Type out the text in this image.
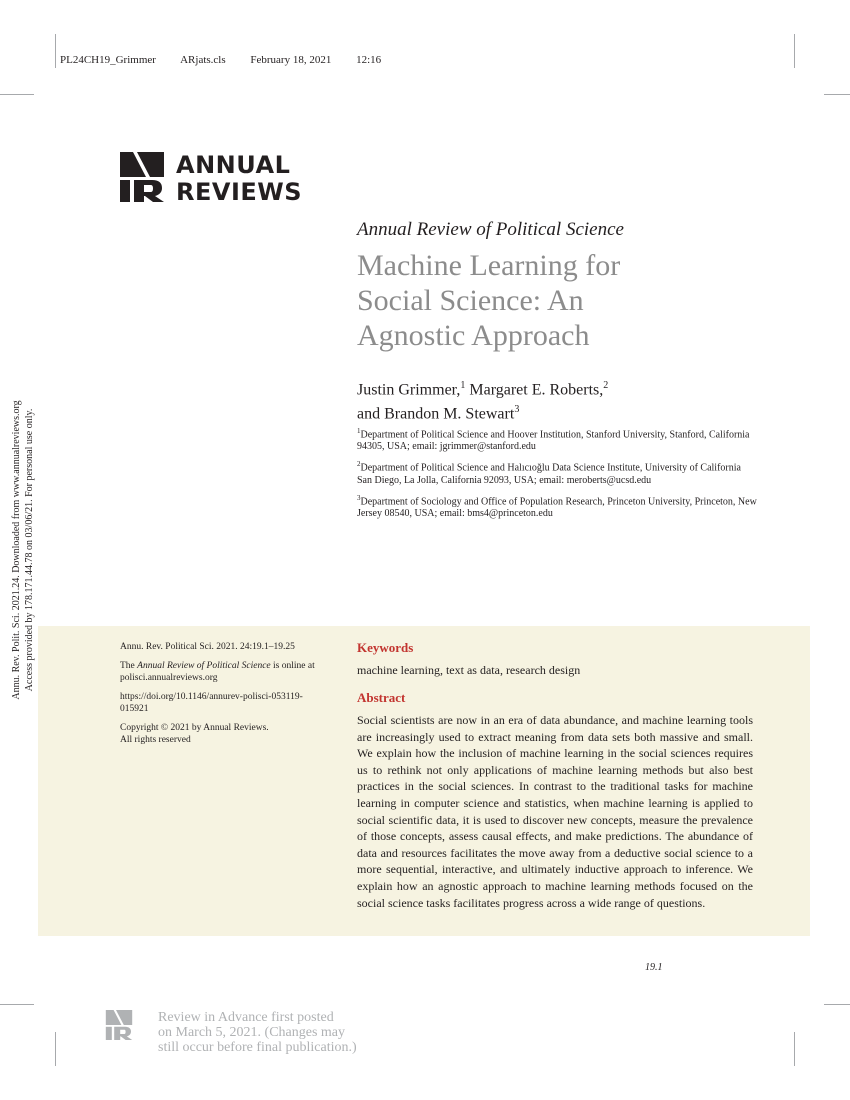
PL24CH19_Grimmer ARjats.cls February 18, 2021 12:16
ANNUAL
REVIEWS
Annual Review of Political Science
Machine Learning for
Social Science: An
Agnostic Approach
Justin Grimmer,$^1$ Margaret E. Roberts,$^2$
and Brandon M. Stewart$^3$

$^1$Department of Political Science and Hoover Institution, Stanford University, Stanford, California 94305, USA; email: jgrimmer@stanford.edu

$^2$Department of Political Science and Halıcıoğlu Data Science Institute, University of California San Diego, La Jolla, California 92093, USA; email: meroberts@ucsd.edu

$^3$Department of Sociology and Office of Population Research, Princeton University, Princeton, New Jersey 08540, USA; email: bms4@princeton.edu

Annu. Rev. Polit. Sci. 2021.24. Downloaded from www.annualreviews.org Access provided by 178.171.44.78 on 03/06/21. For personal use only.	Annu. Rev. Political Sci. 2021. 24:19.1–19.25

The Annual Review of Political Science is online at polisci.annualreviews.org

https://doi.org/10.1146/annurev-polisci-053119-015921

Copyright © 2021 by Annual Reviews.
All rights reserved

Keywords
machine learning, text as data, research design
Abstract
Social scientists are now in an era of data abundance, and machine learning tools are increasingly used to extract meaning from data sets both massive and small. We explain how the inclusion of machine learning in the social sciences requires us to rethink not only applications of machine learning methods but also best practices in the social sciences. In contrast to the traditional tasks for machine learning in computer science and statistics, when machine learning is applied to social scientific data, it is used to discover new concepts, measure the prevalence of those concepts, assess causal effects, and make predictions. The abundance of data and resources facilitates the move away from a deductive social science to a more sequential, interactive, and ultimately inductive approach to inference. We explain how an agnostic approach to machine learning methods focused on the social science tasks facilitates progress across a wide range of questions.
19.1
Review in Advance first posted
on March 5, 2021. (Changes may
still occur before final publication.)
